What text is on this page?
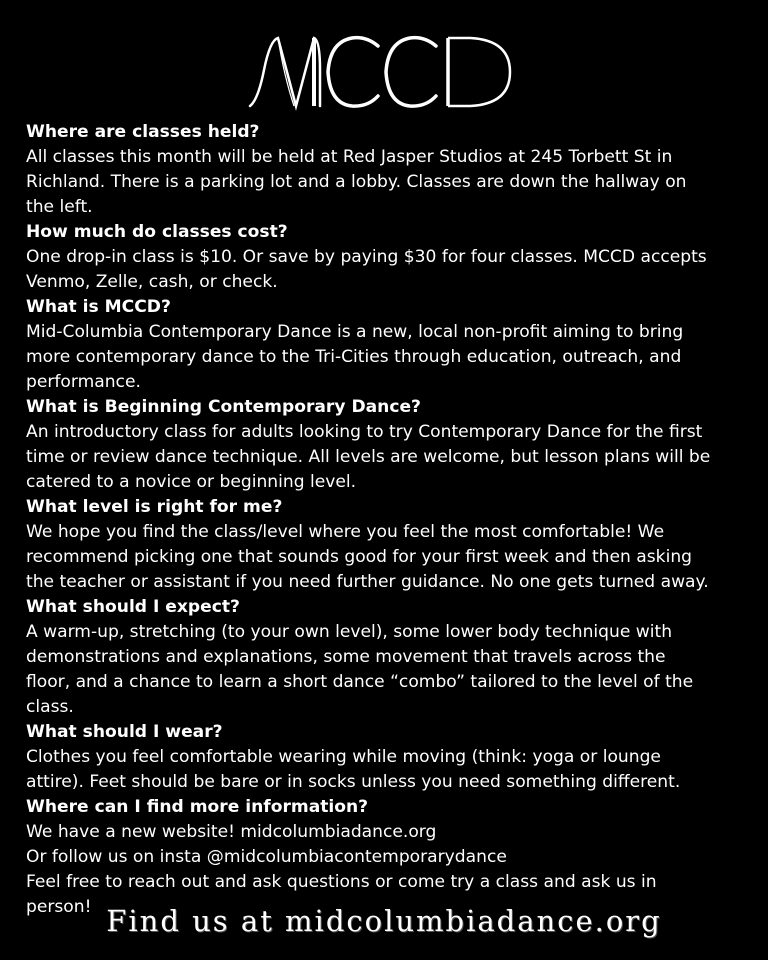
Where are classes held?

All classes this month will be held at Red Jasper Studios at 245 Torbett St in
Richland. There is a parking lot and a lobby. Classes are down the hallway on
the left.

How much do classes cost?

One drop-in class is $10. Or save by paying $30 for four classes. MCCD accepts
Venmo, Zelle, cash, or check.

What is MCCD?

Mid-Columbia Contemporary Dance is a new, local non-profit aiming to bring
more contemporary dance to the Tri-Cities through education, outreach, and
performance.

What is Beginning Contemporary Dance?

An introductory class for adults looking to try Contemporary Dance for the first
time or review dance technique. All levels are welcome, but lesson plans will be
catered to a novice or beginning level.

What level is right for me?

We hope you find the class/level where you feel the most comfortable! We
recommend picking one that sounds good for your first week and then asking
the teacher or assistant if you need further guidance. No one gets turned away.

What should I expect?

A warm-up, stretching (to your own level), some lower body technique with
demonstrations and explanations, some movement that travels across the
floor, and a chance to learn a short dance “combo” tailored to the level of the
class.

What should I wear?

Clothes you feel comfortable wearing while moving (think: yoga or lounge
attire). Feet should be bare or in socks unless you need something different.

Where can I find more information?

We have a new website! midcolumbiadance.org
Or follow us on insta @midcolumbiacontemporarydance
Feel free to reach out and ask questions or come try a class and ask us in
person! Find us at midcolumbiadance.org
